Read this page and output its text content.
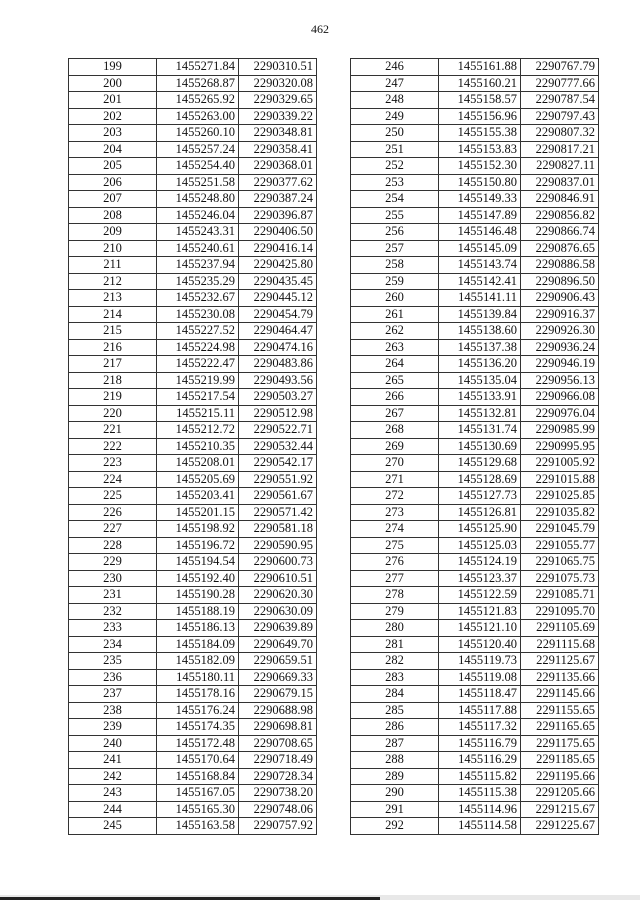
462
199	1455271.84	2290310.51
200	1455268.87	2290320.08
201	1455265.92	2290329.65
202	1455263.00	2290339.22
203	1455260.10	2290348.81
204	1455257.24	2290358.41
205	1455254.40	2290368.01
206	1455251.58	2290377.62
207	1455248.80	2290387.24
208	1455246.04	2290396.87
209	1455243.31	2290406.50
210	1455240.61	2290416.14
211	1455237.94	2290425.80
212	1455235.29	2290435.45
213	1455232.67	2290445.12
214	1455230.08	2290454.79
215	1455227.52	2290464.47
216	1455224.98	2290474.16
217	1455222.47	2290483.86
218	1455219.99	2290493.56
219	1455217.54	2290503.27
220	1455215.11	2290512.98
221	1455212.72	2290522.71
222	1455210.35	2290532.44
223	1455208.01	2290542.17
224	1455205.69	2290551.92
225	1455203.41	2290561.67
226	1455201.15	2290571.42
227	1455198.92	2290581.18
228	1455196.72	2290590.95
229	1455194.54	2290600.73
230	1455192.40	2290610.51
231	1455190.28	2290620.30
232	1455188.19	2290630.09
233	1455186.13	2290639.89
234	1455184.09	2290649.70
235	1455182.09	2290659.51
236	1455180.11	2290669.33
237	1455178.16	2290679.15
238	1455176.24	2290688.98
239	1455174.35	2290698.81
240	1455172.48	2290708.65
241	1455170.64	2290718.49
242	1455168.84	2290728.34
243	1455167.05	2290738.20
244	1455165.30	2290748.06
245	1455163.58	2290757.92
246	1455161.88	2290767.79
247	1455160.21	2290777.66
248	1455158.57	2290787.54
249	1455156.96	2290797.43
250	1455155.38	2290807.32
251	1455153.83	2290817.21
252	1455152.30	2290827.11
253	1455150.80	2290837.01
254	1455149.33	2290846.91
255	1455147.89	2290856.82
256	1455146.48	2290866.74
257	1455145.09	2290876.65
258	1455143.74	2290886.58
259	1455142.41	2290896.50
260	1455141.11	2290906.43
261	1455139.84	2290916.37
262	1455138.60	2290926.30
263	1455137.38	2290936.24
264	1455136.20	2290946.19
265	1455135.04	2290956.13
266	1455133.91	2290966.08
267	1455132.81	2290976.04
268	1455131.74	2290985.99
269	1455130.69	2290995.95
270	1455129.68	2291005.92
271	1455128.69	2291015.88
272	1455127.73	2291025.85
273	1455126.81	2291035.82
274	1455125.90	2291045.79
275	1455125.03	2291055.77
276	1455124.19	2291065.75
277	1455123.37	2291075.73
278	1455122.59	2291085.71
279	1455121.83	2291095.70
280	1455121.10	2291105.69
281	1455120.40	2291115.68
282	1455119.73	2291125.67
283	1455119.08	2291135.66
284	1455118.47	2291145.66
285	1455117.88	2291155.65
286	1455117.32	2291165.65
287	1455116.79	2291175.65
288	1455116.29	2291185.65
289	1455115.82	2291195.66
290	1455115.38	2291205.66
291	1455114.96	2291215.67
292	1455114.58	2291225.67
